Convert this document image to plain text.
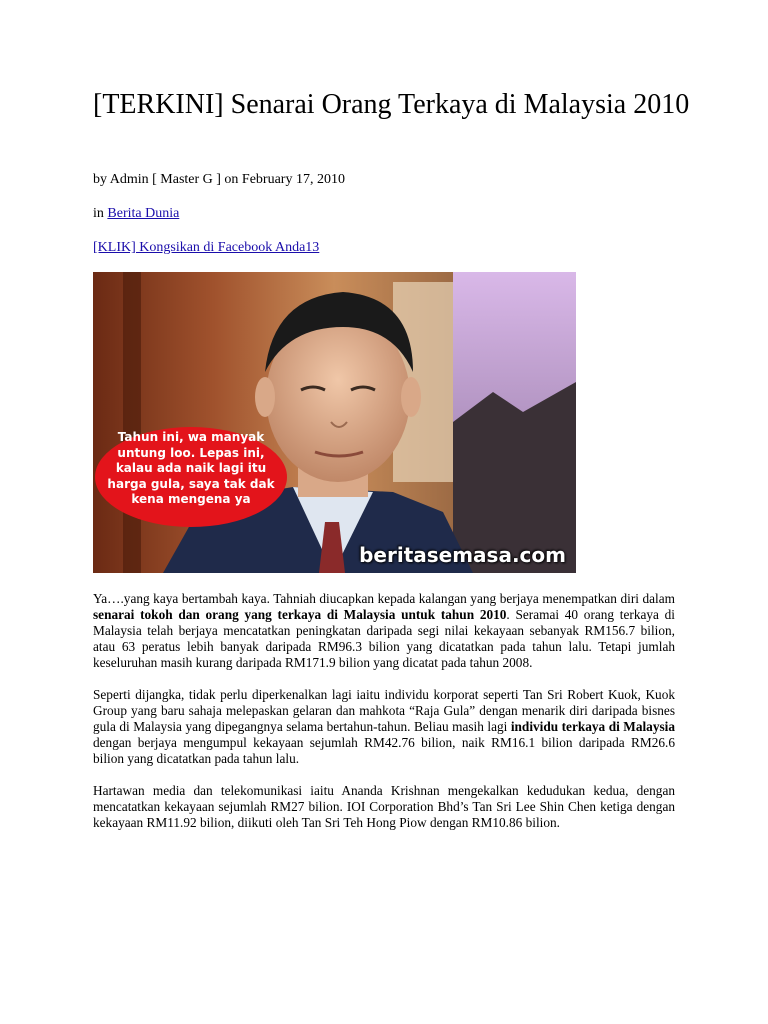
[TERKINI] Senarai Orang Terkaya di Malaysia 2010
by Admin [ Master G ] on February 17, 2010
in Berita Dunia
[KLIK] Kongsikan di Facebook Anda13
Tahun ini, wa manyak untung loo. Lepas ini, kalau ada naik lagi itu harga gula, saya tak dak kena mengena ya
beritasemasa.com

Ya….yang kaya bertambah kaya. Tahniah diucapkan kepada kalangan yang berjaya menempatkan diri dalam senarai tokoh dan orang yang terkaya di Malaysia untuk tahun 2010. Seramai 40 orang terkaya di Malaysia telah berjaya mencatatkan peningkatan daripada segi nilai kekayaan sebanyak RM156.7 bilion, atau 63 peratus lebih banyak daripada RM96.3 bilion yang dicatatkan pada tahun lalu. Tetapi jumlah keseluruhan masih kurang daripada RM171.9 bilion yang dicatat pada tahun 2008.

Seperti dijangka, tidak perlu diperkenalkan lagi iaitu individu korporat seperti Tan Sri Robert Kuok, Kuok Group yang baru sahaja melepaskan gelaran dan mahkota “Raja Gula” dengan menarik diri daripada bisnes gula di Malaysia yang dipegangnya selama bertahun-tahun. Beliau masih lagi individu terkaya di Malaysia dengan berjaya mengumpul kekayaan sejumlah RM42.76 bilion, naik RM16.1 bilion daripada RM26.6 bilion yang dicatatkan pada tahun lalu.

Hartawan media dan telekomunikasi iaitu Ananda Krishnan mengekalkan kedudukan kedua, dengan mencatatkan kekayaan sejumlah RM27 bilion. IOI Corporation Bhd’s Tan Sri Lee Shin Chen ketiga dengan kekayaan RM11.92 bilion, diikuti oleh Tan Sri Teh Hong Piow dengan RM10.86 bilion.
